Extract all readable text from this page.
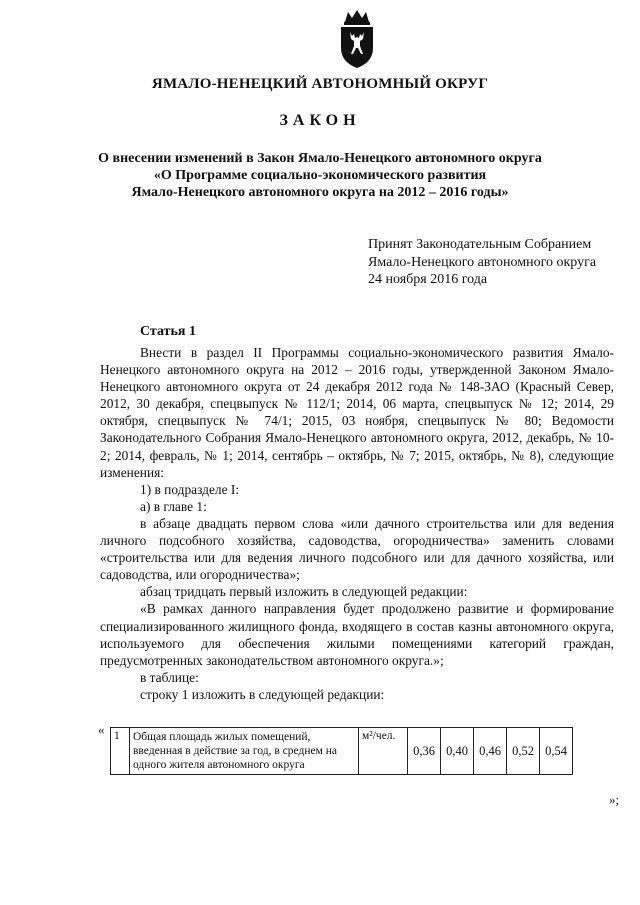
ЯМАЛО-НЕНЕЦКИЙ АВТОНОМНЫЙ ОКРУГ
ЗАКОН
О внесении изменений в Закон Ямало-Ненецкого автономного округа
«О Программе социально-экономического развития
Ямало-Ненецкого автономного округа на 2012 – 2016 годы»
Принят Законодательным Собранием
Ямало-Ненецкого автономного округа
24 ноября 2016 года
Статья 1

Внести в раздел II Программы социально-экономического развития Ямало-Ненецкого автономного округа на 2012 – 2016 годы, утвержденной Законом Ямало-Ненецкого автономного округа от 24 декабря 2012 года № 148-ЗАО (Красный Север, 2012, 30 декабря, спецвыпуск № 112/1; 2014, 06 марта, спецвыпуск № 12; 2014, 29 октября, спецвыпуск № 74/1; 2015, 03 ноября, спецвыпуск № 80; Ведомости Законодательного Собрания Ямало-Ненецкого автономного округа, 2012, декабрь, № 10-2; 2014, февраль, № 1; 2014, сентябрь – октябрь, № 7; 2015, октябрь, № 8), следующие изменения:

1) в подразделе I:

а) в главе 1:

в абзаце двадцать первом слова «или дачного строительства или для ведения личного подсобного хозяйства, садоводства, огородничества» заменить словами «строительства или для ведения личного подсобного или для дачного хозяйства, или садоводства, или огородничества»;

абзац тридцать первый изложить в следующей редакции:

«В рамках данного направления будет продолжено развитие и формирование специализированного жилищного фонда, входящего в состав казны автономного округа, используемого для обеспечения жилыми помещениями категорий граждан, предусмотренных законодательством автономного округа.»;

в таблице:

строку 1 изложить в следующей редакции:

« 1	Общая площадь жилых помещений, введенная в действие за год, в среднем на одного жителя автономного округа	м²/чел.	0,36	0,40	0,46	0,52	0,54
»;
